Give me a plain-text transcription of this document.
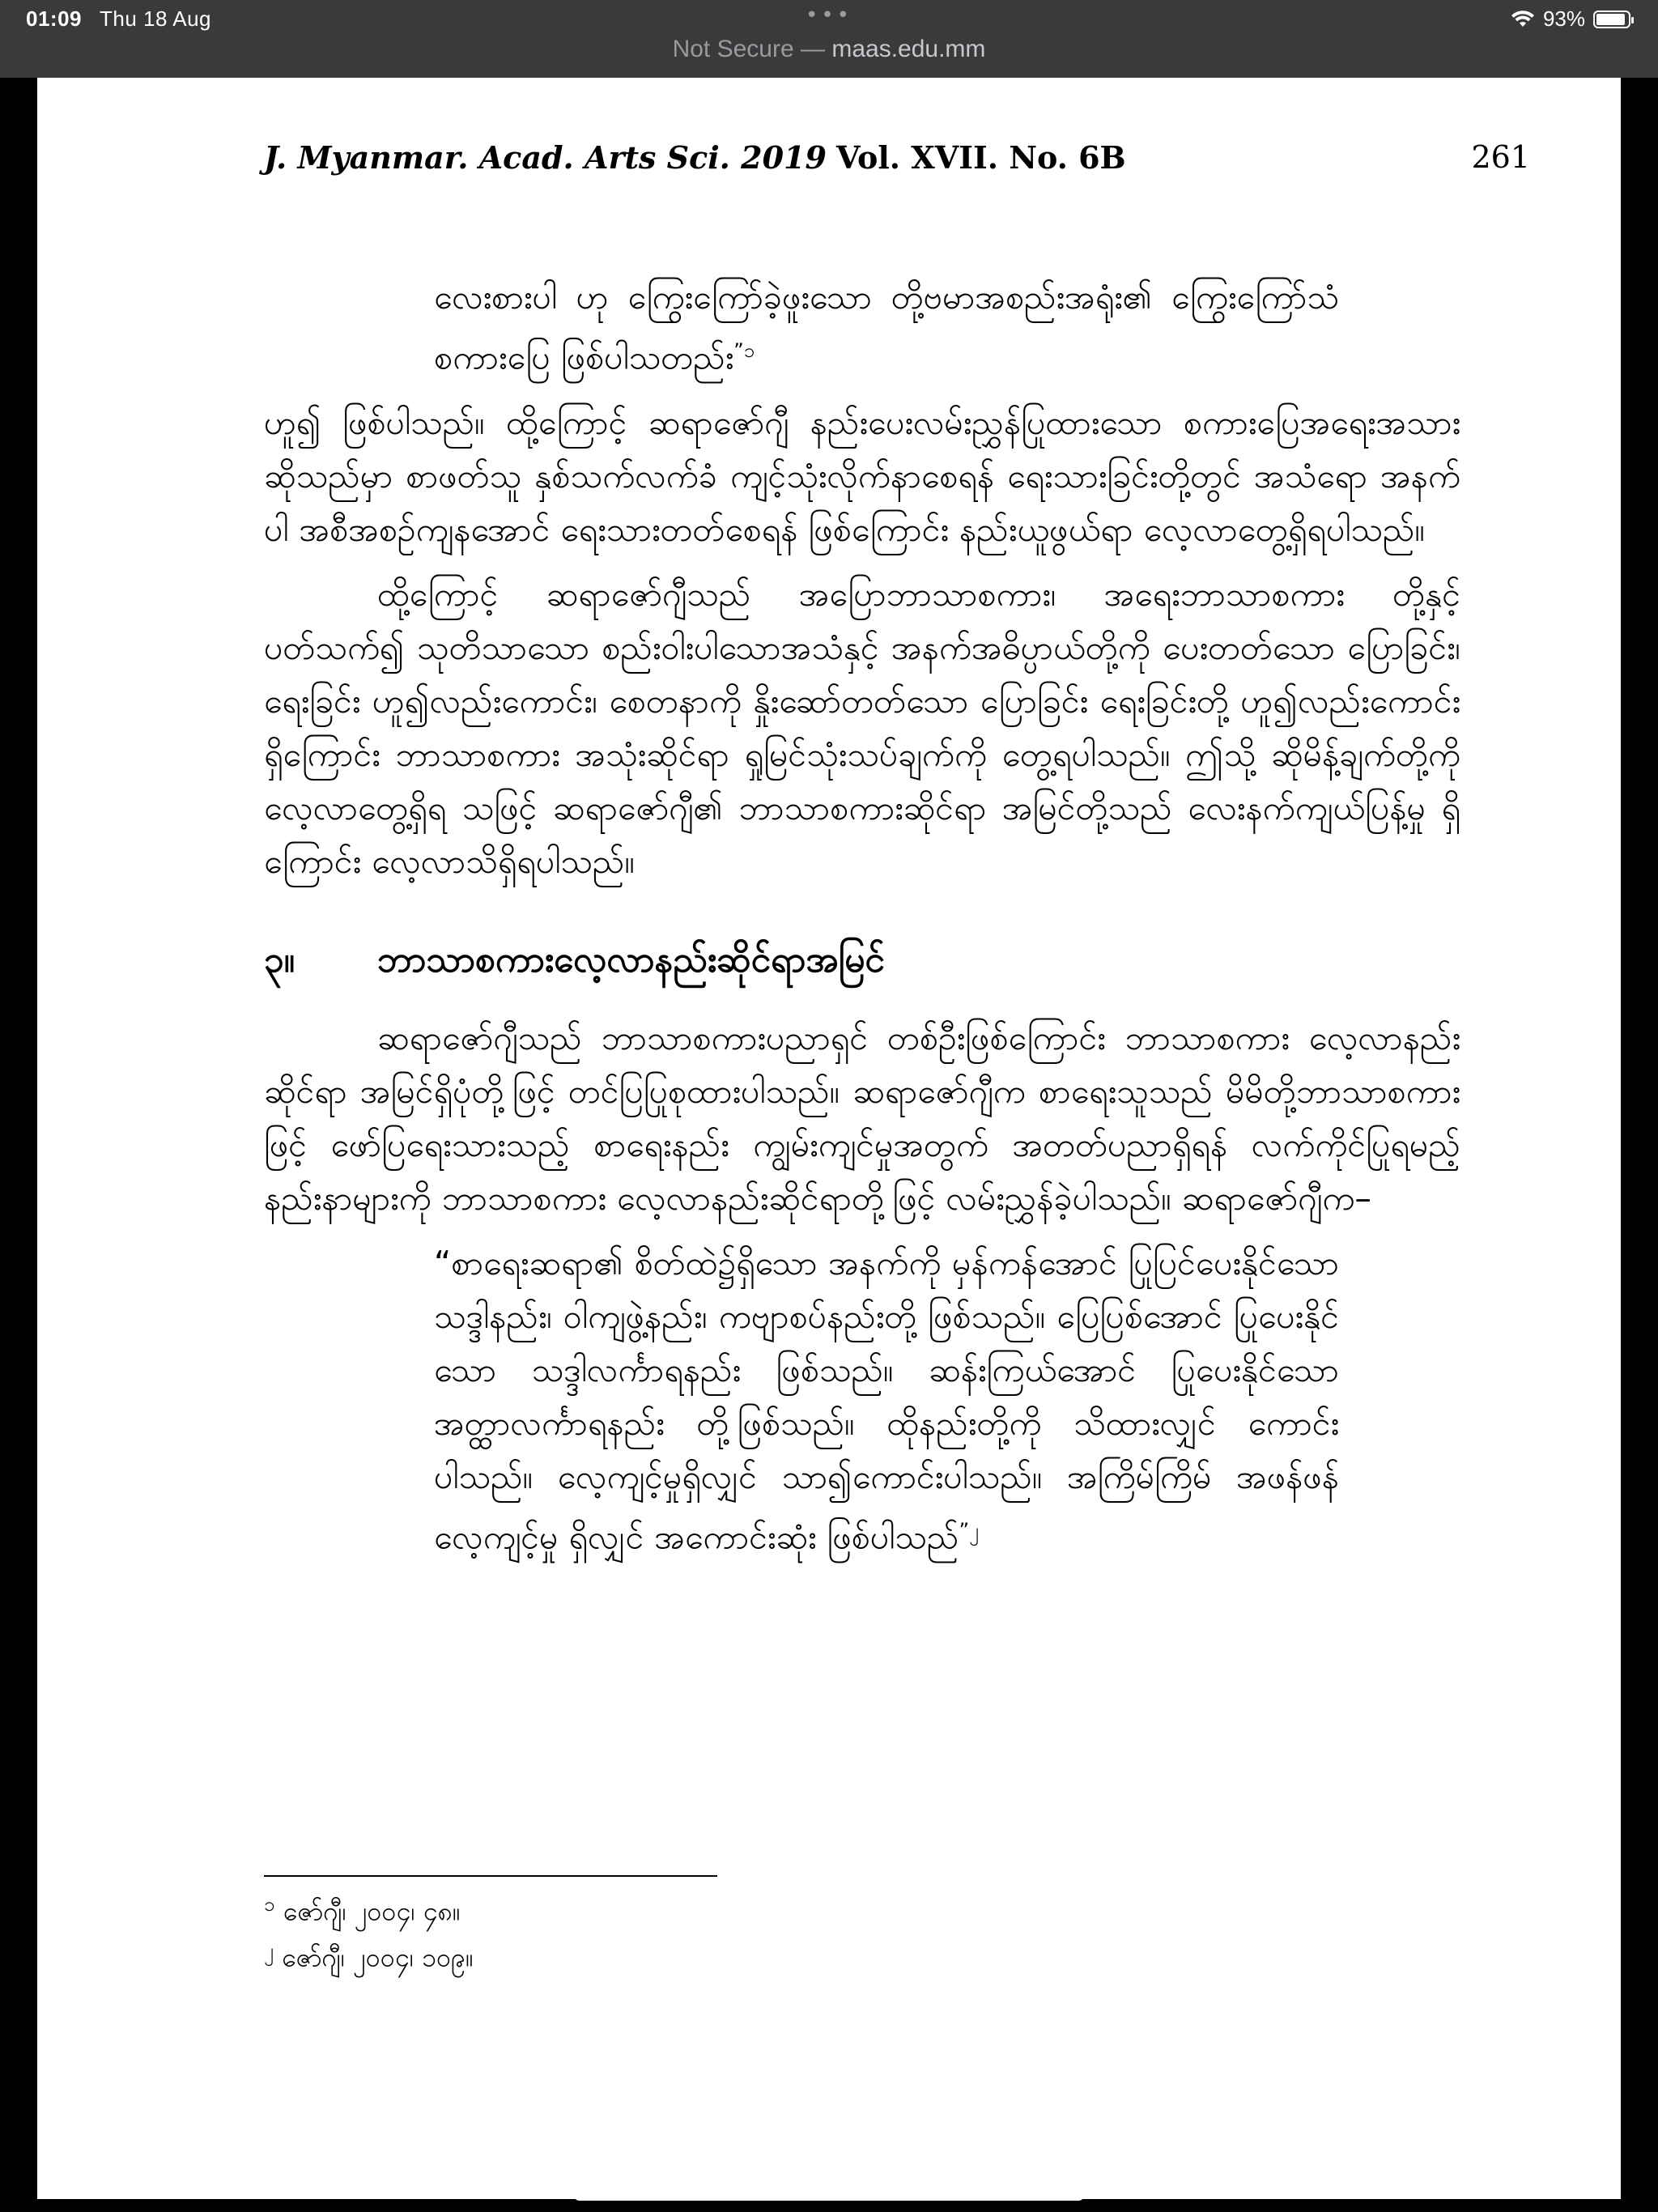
01:09 Thu 18 Aug	•••	93%
Not Secure — maas.edu.mm
J. Myanmar. Acad. Arts Sci. 2019 Vol. XVII. No. 6B	261

လေးစားပါ ဟု ကြွေးကြော်ခဲ့ဖူးသော တို့ဗမာအစည်းအရုံး၏ ကြွေးကြော်သံစကားပြေ ဖြစ်ပါသတည်း$^{”၁}$

ဟူ၍ ဖြစ်ပါသည်။ ထို့ကြောင့် ဆရာဇော်ဂျီ နည်းပေးလမ်းညွှန်ပြုထားသော စကားပြေအရေးအသား ဆိုသည်မှာ စာဖတ်သူ နှစ်သက်လက်ခံ ကျင့်သုံးလိုက်နာစေရန် ရေးသားခြင်းတို့တွင် အသံရော အနက်ပါ အစီအစဉ်ကျနအောင် ရေးသားတတ်စေရန် ဖြစ်ကြောင်း နည်းယူဖွယ်ရာ လေ့လာတွေ့ရှိရပါသည်။

ထို့ကြောင့် ဆရာဇော်ဂျီသည် အပြောဘာသာစကား၊ အရေးဘာသာစကား တို့နှင့် ပတ်သက်၍ သုတိသာသော စည်းဝါးပါသောအသံနှင့် အနက်အဓိပ္ပာယ်တို့ကို ပေးတတ်သော ပြောခြင်း၊ ရေးခြင်း ဟူ၍လည်းကောင်း၊ စေတနာကို နှိုးဆော်တတ်သော ပြောခြင်း ရေးခြင်းတို့ ဟူ၍လည်းကောင်း ရှိကြောင်း ဘာသာစကား အသုံးဆိုင်ရာ ရှုမြင်သုံးသပ်ချက်ကို တွေ့ရပါသည်။ ဤသို့ ဆိုမိန့်ချက်တို့ကို လေ့လာတွေ့ရှိရ သဖြင့် ဆရာဇော်ဂျီ၏ ဘာသာစကားဆိုင်ရာ အမြင်တို့သည် လေးနက်ကျယ်ပြန့်မှု ရှိကြောင်း လေ့လာသိရှိရပါသည်။

၃။	ဘာသာစကားလေ့လာနည်းဆိုင်ရာအမြင်

ဆရာဇော်ဂျီသည် ဘာသာစကားပညာရှင် တစ်ဦးဖြစ်ကြောင်း ဘာသာစကား လေ့လာနည်းဆိုင်ရာ အမြင်ရှိပုံတို့ဖြင့် တင်ပြပြုစုထားပါသည်။ ဆရာဇော်ဂျီက စာရေးသူသည် မိမိတို့ဘာသာစကားဖြင့် ဖော်ပြရေးသားသည့် စာရေးနည်း ကျွမ်းကျင်မှုအတွက် အတတ်ပညာရှိရန် လက်ကိုင်ပြုရမည့် နည်းနာများကို ဘာသာစကား လေ့လာနည်းဆိုင်ရာတို့ဖြင့် လမ်းညွှန်ခဲ့ပါသည်။ ဆရာဇော်ဂျီက–

“စာရေးဆရာ၏ စိတ်ထဲ၌ရှိသော အနက်ကို မှန်ကန်အောင် ပြုပြင်ပေးနိုင်သော သဒ္ဒါနည်း၊ ဝါကျဖွဲ့နည်း၊ ကဗျာစပ်နည်းတို့ ဖြစ်သည်။ ပြေပြစ်အောင် ပြုပေးနိုင်သော သဒ္ဒါလင်္ကာရနည်း ဖြစ်သည်။ ဆန်းကြယ်အောင် ပြုပေးနိုင်သော အတ္ထာလင်္ကာရနည်း တို့ဖြစ်သည်။ ထိုနည်းတို့ကို သိထားလျှင် ကောင်းပါသည်။ လေ့ကျင့်မှုရှိလျှင် သာ၍ကောင်းပါသည်။ အကြိမ်ကြိမ် အဖန်ဖန် လေ့ကျင့်မှု ရှိလျှင် အကောင်းဆုံး ဖြစ်ပါသည်$^{”၂}$

$^၁$ ဇော်ဂျီ၊ ၂၀၀၄၊ ၄၈။
$^၂$ ဇော်ဂျီ၊ ၂၀၀၄၊ ၁၀၉။
